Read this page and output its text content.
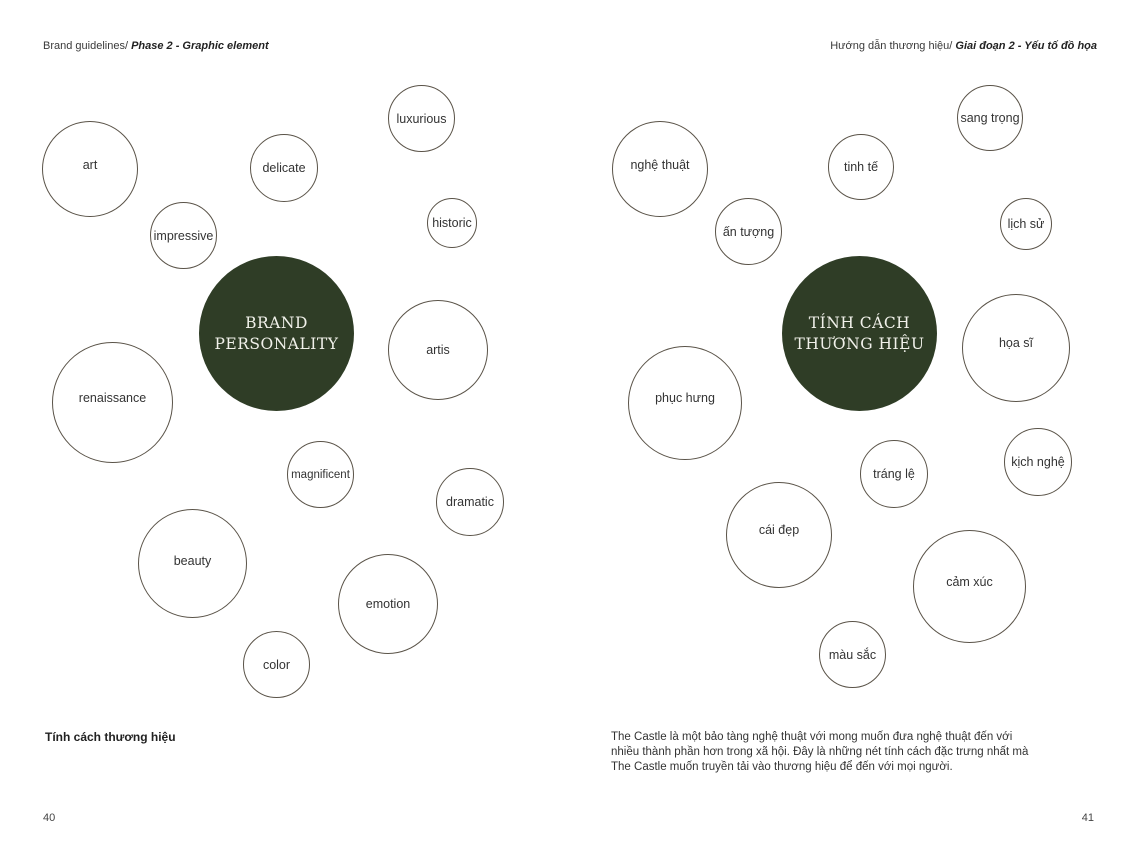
Brand guidelines/ Phase 2 - Graphic element
art	delicate
luxurious
impressive
historic
BRAND PERSONALITY
renaissance
artis
magnificent
dramatic
beauty
emotion
color
Tính cách thương hiệu
40
Hướng dẫn thương hiệu/ Giai đoạn 2 - Yếu tố đồ họa
nghệ thuật	tinh tế
sang trọng
ấn tượng
lịch sử
TÍNH CÁCH THƯƠNG HIỆU
phục hưng
họa sĩ
tráng lệ
kịch nghệ
cái đẹp
cảm xúc
màu sắc
The Castle là một bảo tàng nghệ thuật với mong muốn đưa nghệ thuật đến với nhiều thành phần hơn trong xã hội. Đây là những nét tính cách đặc trưng nhất mà The Castle muốn truyền tải vào thương hiệu để đến với mọi người.
41
